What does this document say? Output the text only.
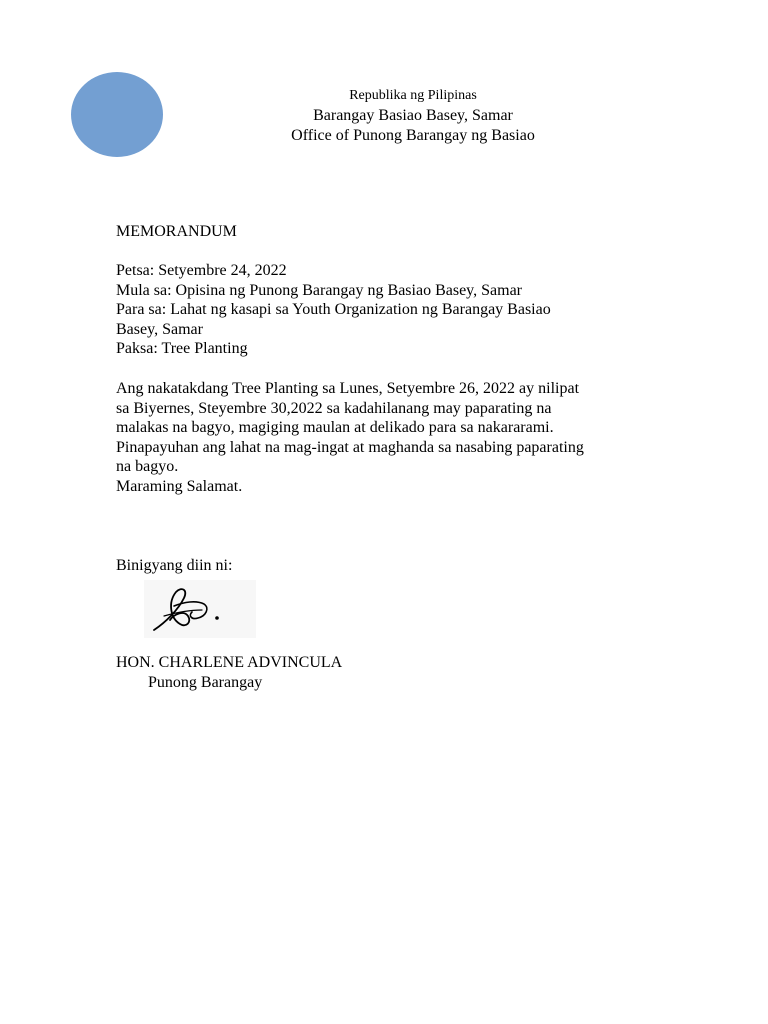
Republika ng Pilipinas
Barangay Basiao Basey, Samar
Office of Punong Barangay ng Basiao
MEMORANDUM
Petsa: Setyembre 24, 2022
Mula sa: Opisina ng Punong Barangay ng Basiao Basey, Samar
Para sa: Lahat ng kasapi sa Youth Organization ng Barangay Basiao
Basey, Samar
Paksa: Tree Planting
Ang nakatakdang Tree Planting sa Lunes, Setyembre 26, 2022 ay nilipat
sa Biyernes, Steyembre 30,2022 sa kadahilanang may paparating na
malakas na bagyo, magiging maulan at delikado para sa nakararami.
Pinapayuhan ang lahat na mag-ingat at maghanda sa nasabing paparating
na bagyo.
Maraming Salamat.
Binigyang diin ni:
HON. CHARLENE ADVINCULA
Punong Barangay
